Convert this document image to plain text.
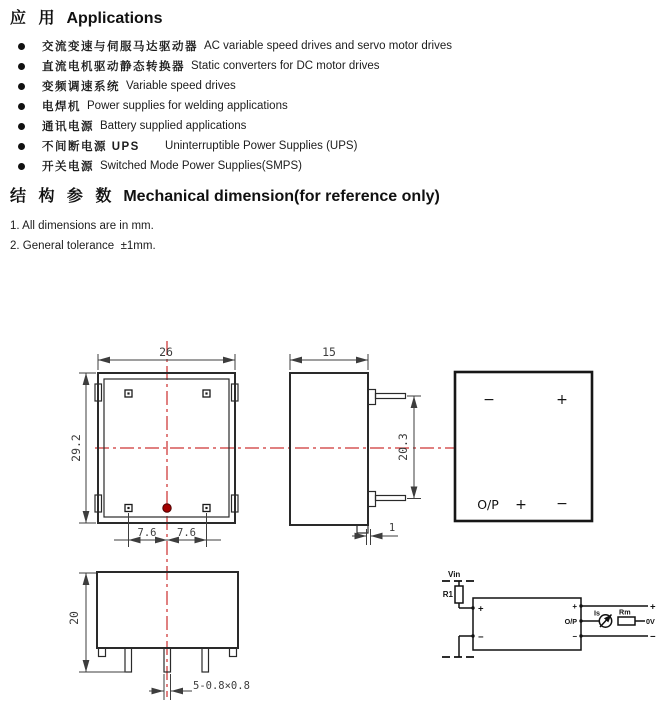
应 用 Applications
交流变速与伺服马达驱动器 AC variable speed drives and servo motor drives
直流电机驱动静态转换器 Static converters for DC motor drives
变频调速系统 Variable speed drives
电焊机 Power supplies for welding applications
通讯电源 Battery supplied applications
不间断电源 UPS Uninterruptible Power Supplies (UPS)
开关电源 Switched Mode Power Supplies(SMPS)
结 构 参 数 Mechanical dimension(for reference only)

1. All dimensions are in mm.

2. General tolerance  ±1mm.

26
29.2
7.6 7.6
15
20.3
1
−	+
O/P + −
20
5-0.8×0.8
Vin
R1
+
−
+
+
O/P
Is	Rm
0V
−
−
